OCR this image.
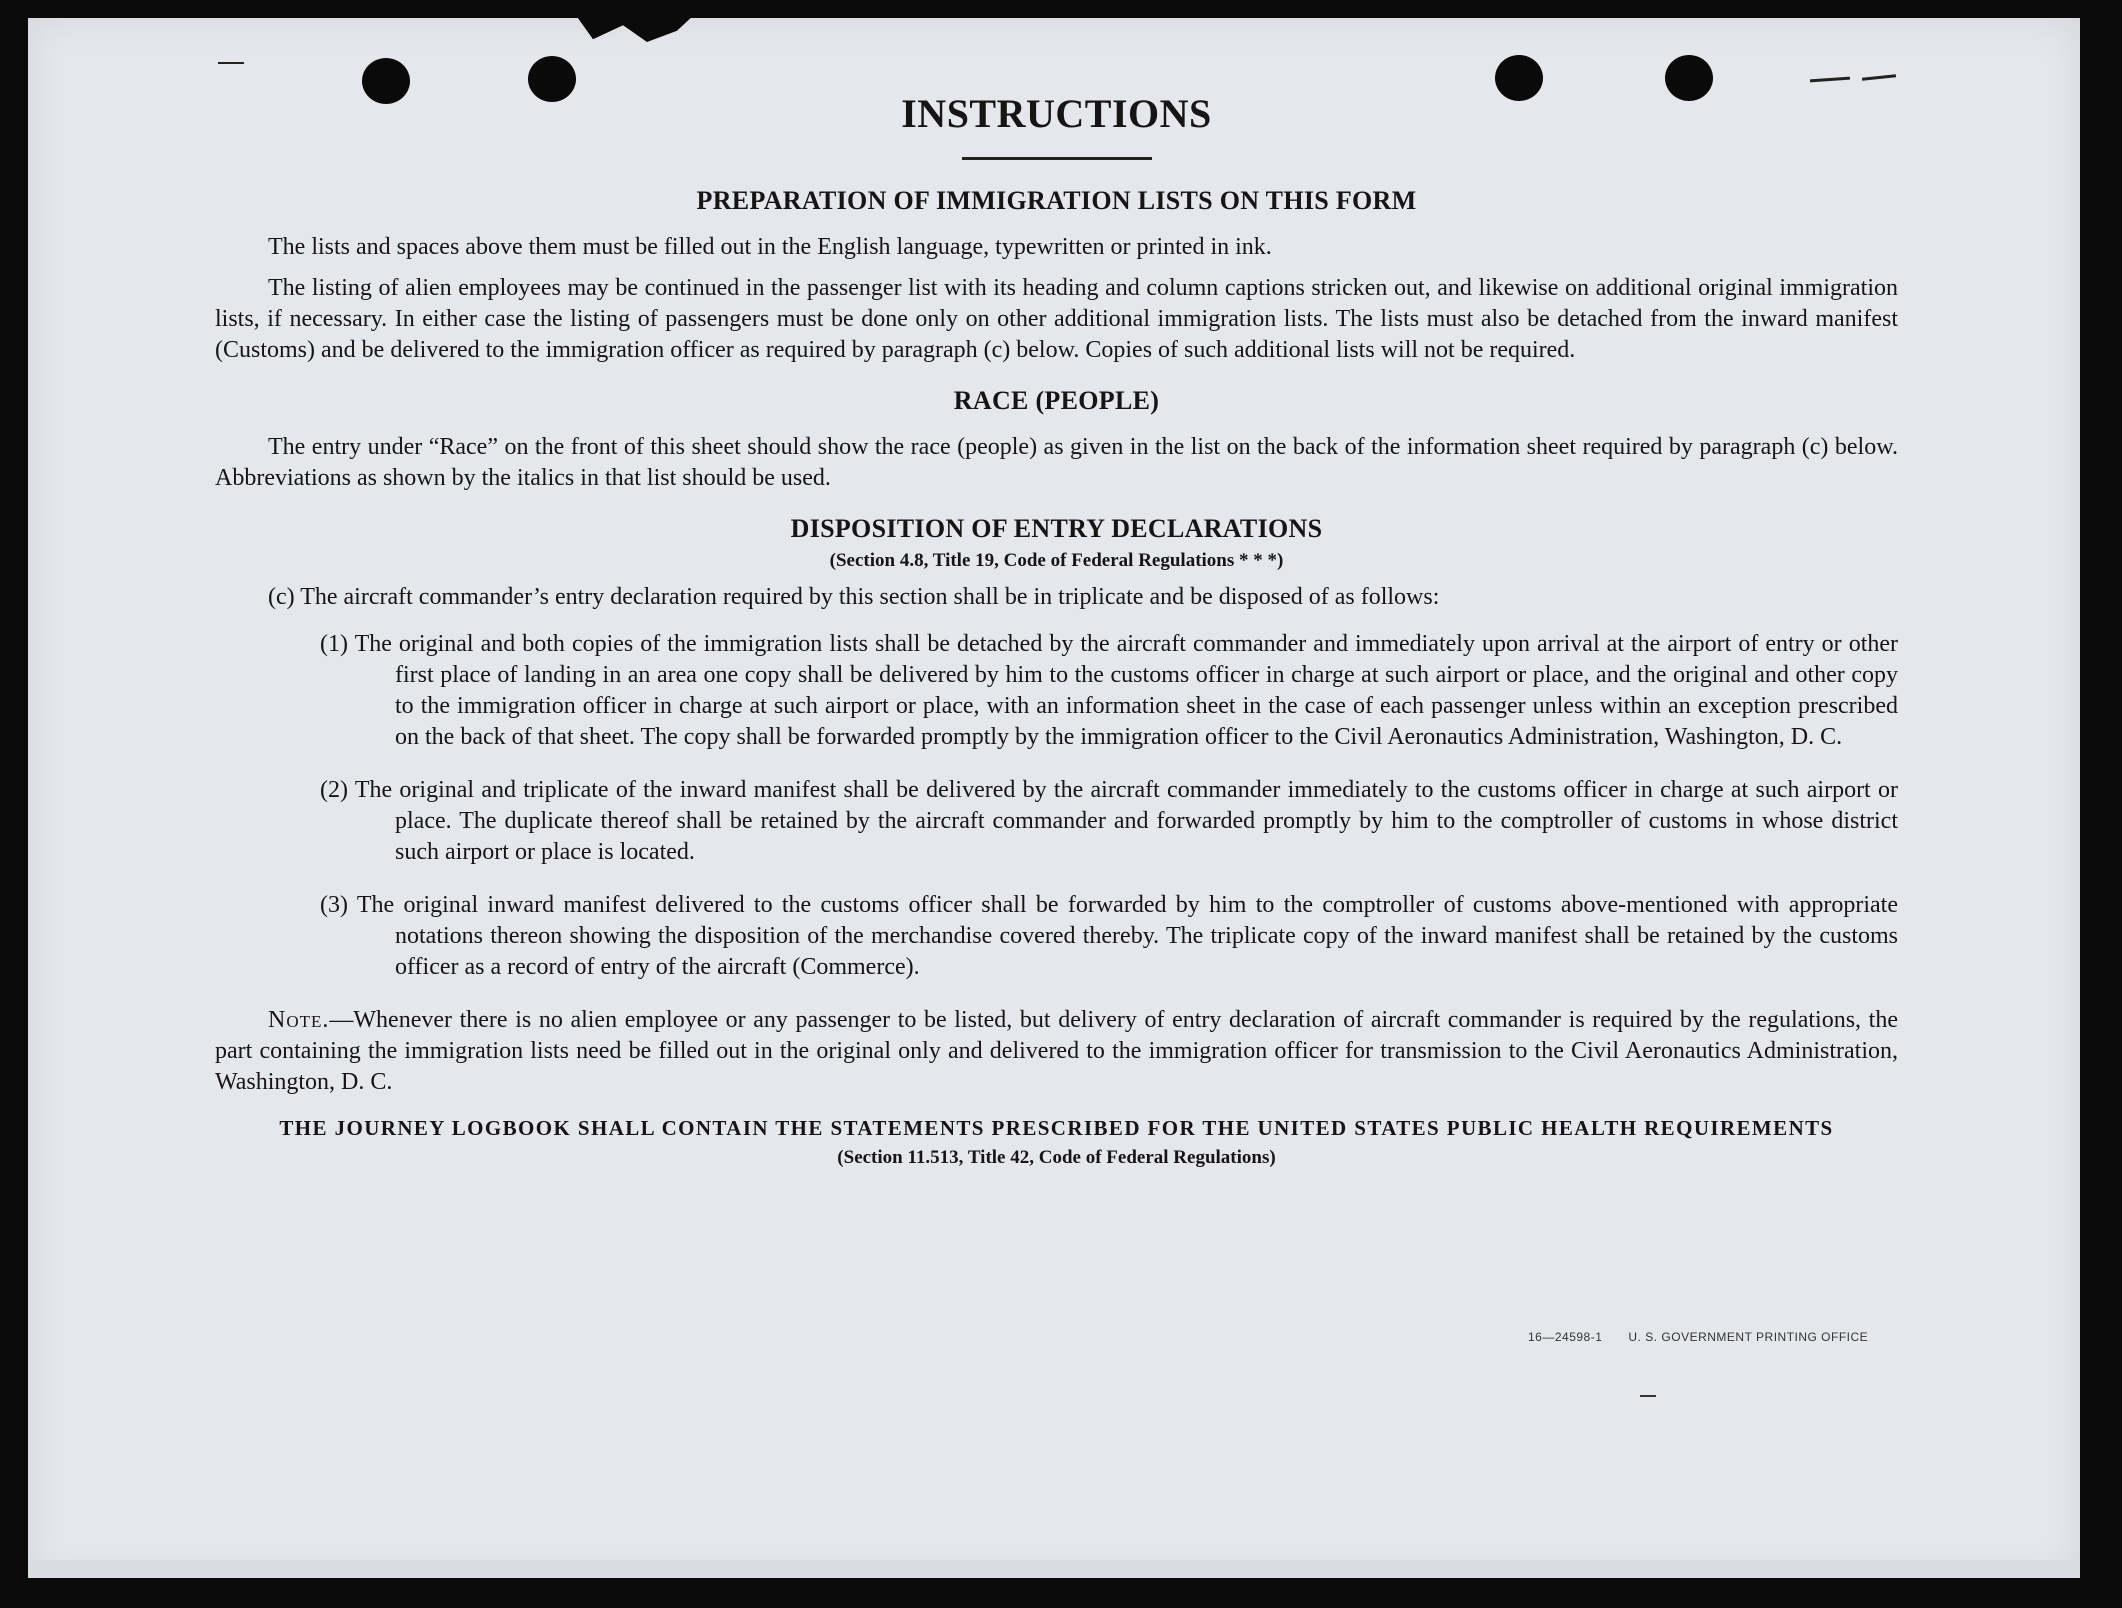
INSTRUCTIONS
PREPARATION OF IMMIGRATION LISTS ON THIS FORM

The lists and spaces above them must be filled out in the English language, typewritten or printed in ink.

The listing of alien employees may be continued in the passenger list with its heading and column captions stricken out, and likewise on additional original immigration lists, if necessary. In either case the listing of passengers must be done only on other additional immigration lists. The lists must also be detached from the inward manifest (Customs) and be delivered to the immigration officer as required by paragraph (c) below. Copies of such additional lists will not be required.

RACE (PEOPLE)

The entry under “Race” on the front of this sheet should show the race (people) as given in the list on the back of the information sheet required by paragraph (c) below. Abbreviations as shown by the italics in that list should be used.

DISPOSITION OF ENTRY DECLARATIONS
(Section 4.8, Title 19, Code of Federal Regulations * * *)

(c) The aircraft commander’s entry declaration required by this section shall be in triplicate and be disposed of as follows:

(1) The original and both copies of the immigration lists shall be detached by the aircraft commander and immediately upon arrival at the airport of entry or other first place of landing in an area one copy shall be delivered by him to the customs officer in charge at such airport or place, and the original and other copy to the immigration officer in charge at such airport or place, with an information sheet in the case of each passenger unless within an exception prescribed on the back of that sheet. The copy shall be forwarded promptly by the immigration officer to the Civil Aeronautics Administration, Washington, D. C.
(2) The original and triplicate of the inward manifest shall be delivered by the aircraft commander immediately to the customs officer in charge at such airport or place. The duplicate thereof shall be retained by the aircraft commander and forwarded promptly by him to the comptroller of customs in whose district such airport or place is located.
(3) The original inward manifest delivered to the customs officer shall be forwarded by him to the comptroller of customs above-mentioned with appropriate notations thereon showing the disposition of the merchandise covered thereby. The triplicate copy of the inward manifest shall be retained by the customs officer as a record of entry of the aircraft (Commerce).

Note.—Whenever there is no alien employee or any passenger to be listed, but delivery of entry declaration of aircraft commander is required by the regulations, the part containing the immigration lists need be filled out in the original only and delivered to the immigration officer for transmission to the Civil Aeronautics Administration, Washington, D. C.

THE JOURNEY LOGBOOK SHALL CONTAIN THE STATEMENTS PRESCRIBED FOR THE UNITED STATES PUBLIC HEALTH REQUIREMENTS
(Section 11.513, Title 42, Code of Federal Regulations)
16—24598-1 U. S. GOVERNMENT PRINTING OFFICE
